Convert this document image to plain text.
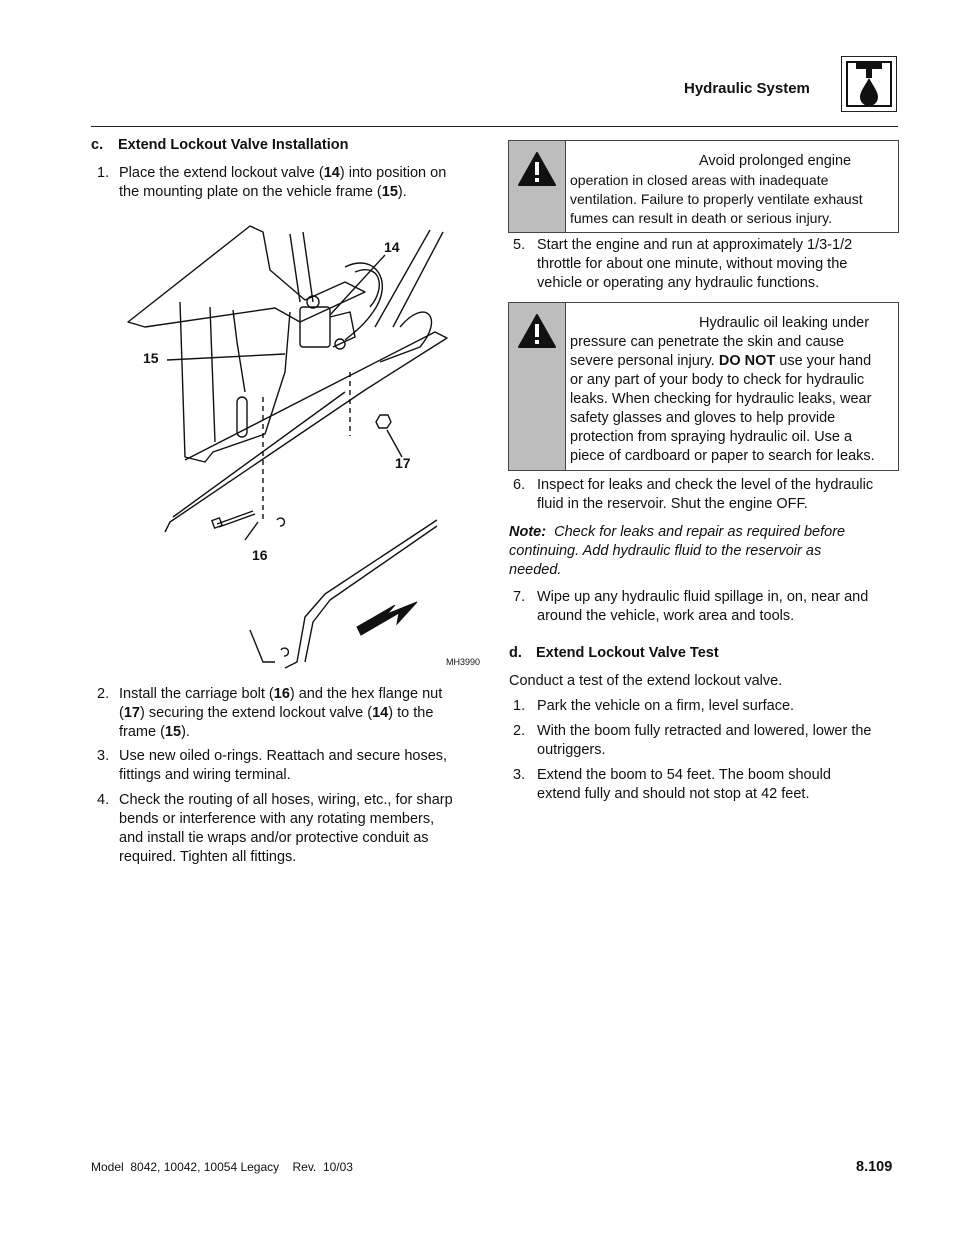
Hydraulic System
c. Extend Lockout Valve Installation
1. Place the extend lockout valve (14) into position on
the mounting plate on the vehicle frame (15).
14
15
16
17
MH3990
2. Install the carriage bolt (16) and the hex flange nut
(17) securing the extend lockout valve (14) to the
frame (15).
3. Use new oiled o-rings. Reattach and secure hoses,
fittings and wiring terminal.
4. Check the routing of all hoses, wiring, etc., for sharp
bends or interference with any rotating members,
and install tie wraps and/or protective conduit as
required. Tighten all fittings.
Avoid prolonged engine
operation in closed areas with inadequate
ventilation. Failure to properly ventilate exhaust
fumes can result in death or serious injury.
5. Start the engine and run at approximately 1/3-1/2
throttle for about one minute, without moving the
vehicle or operating any hydraulic functions.
Hydraulic oil leaking under
pressure can penetrate the skin and cause
severe personal injury. DO NOT use your hand
or any part of your body to check for hydraulic
leaks. When checking for hydraulic leaks, wear
safety glasses and gloves to help provide
protection from spraying hydraulic oil. Use a
piece of cardboard or paper to search for leaks.
6. Inspect for leaks and check the level of the hydraulic
fluid in the reservoir. Shut the engine OFF.
Note: Check for leaks and repair as required before
continuing. Add hydraulic fluid to the reservoir as
needed.
7. Wipe up any hydraulic fluid spillage in, on, near and
around the vehicle, work area and tools.
d. Extend Lockout Valve Test
Conduct a test of the extend lockout valve.
1. Park the vehicle on a firm, level surface.
2. With the boom fully retracted and lowered, lower the
outriggers.
3. Extend the boom to 54 feet. The boom should
extend fully and should not stop at 42 feet.
Model  8042, 10042, 10054 Legacy    Rev.  10/03	8.109
